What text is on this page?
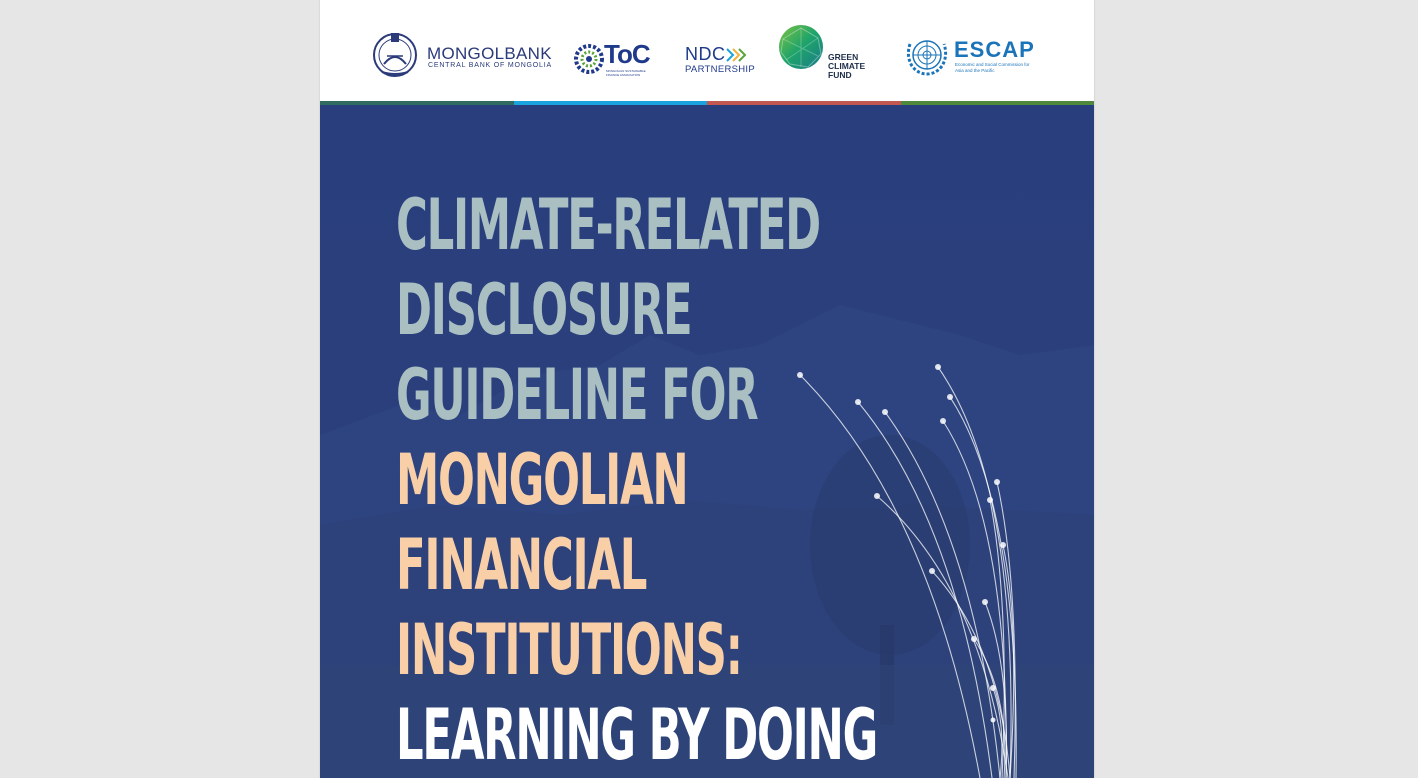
MONGOLBANK
CENTRAL BANK OF MONGOLIA ToC
MONGOLIAN SUSTAINABLE FINANCE ASSOCIATION
NDC
PARTNERSHIP
GREEN
CLIMATE
FUND
ESCAP
Economic and Social Commission for Asia and the Pacific
CLIMATE-RELATED
DISCLOSURE
GUIDELINE FOR
MONGOLIAN
FINANCIAL
INSTITUTIONS:
LEARNING BY DOING
